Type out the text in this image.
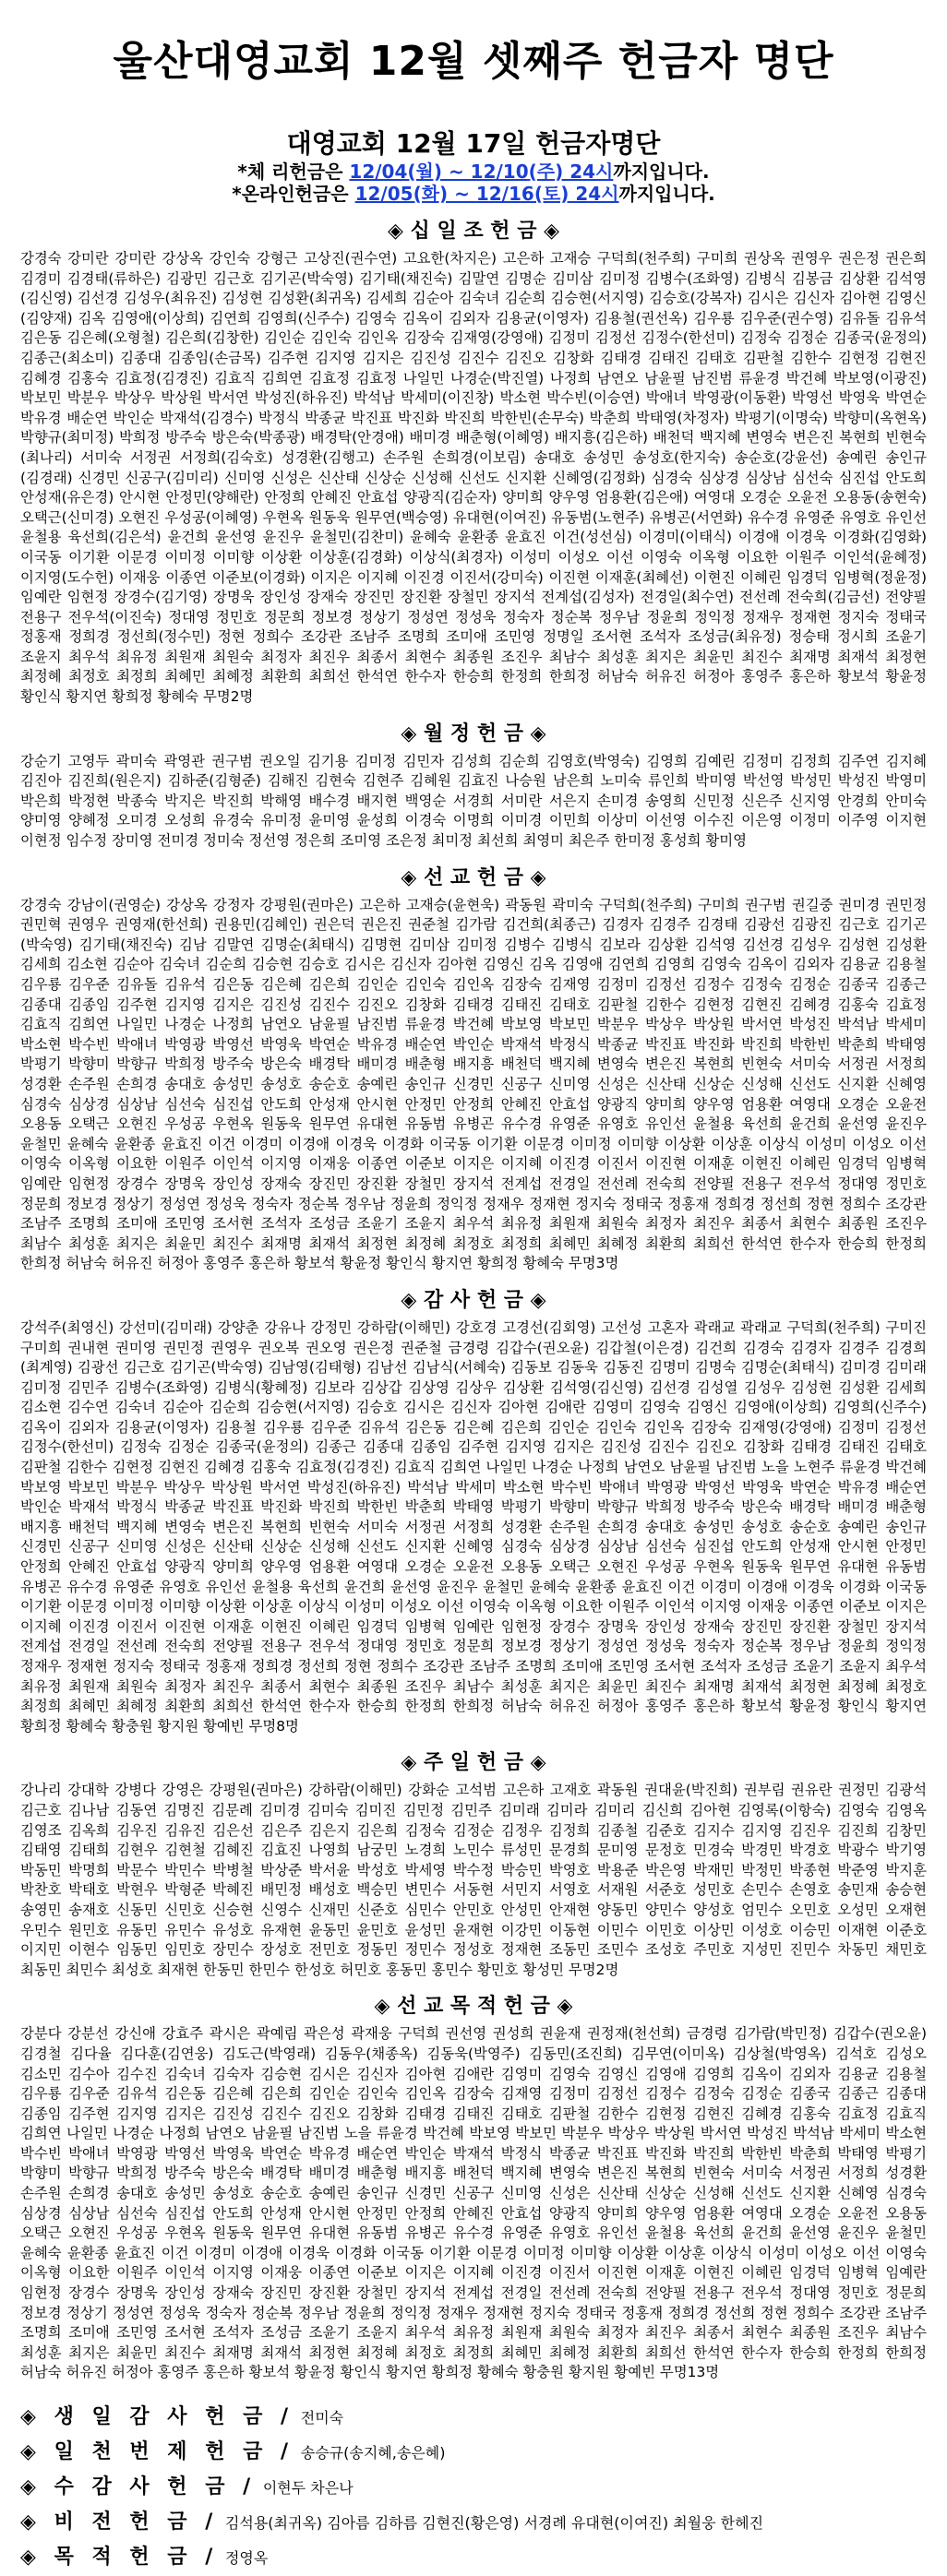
울산대영교회 12월 셋째주 헌금자 명단
대영교회 12월 17일 헌금자명단
*체 리헌금은 12/04(월) ~ 12/10(주) 24시까지입니다.
*온라인헌금은 12/05(화) ~ 12/16(토) 24시까지입니다.
◈ 십 일 조 헌 금 ◈
강경숙 강미란 강미란 강상옥 강인숙 강형근 고상진(권수연) 고요한(차지은) 고은하 고재승 구덕희(천주희) 구미희 권상옥 권영우 권은정 권은희 김경미 김경태(류하은) 김광민 김근호 김기곤(박숙영) 김기태(채진숙) 김말연 김명순 김미삼 김미정 김병수(조화영) 김병식 김봉금 김상환 김석영(김신영) 김선경 김성우(최유진) 김성현 김성환(최귀옥) 김세희 김순아 김숙녀 김순희 김승현(서지영) 김승호(강복자) 김시은 김신자 김아현 김영신(김양재) 김옥 김영애(이상희) 김연희 김영희(신주수) 김영숙 김옥이 김외자 김용균(이영자) 김용철(권선옥) 김우룡 김우준(권수영) 김유돌 김유석 김은동 김은혜(오형철) 김은희(김창한) 김인순 김인숙 김인옥 김장숙 김재영(강영애) 김정미 김정선 김정수(한선미) 김정숙 김정순 김종국(윤정의) 김종근(최소미) 김종대 김종임(손금목) 김주현 김지영 김지은 김진성 김진수 김진오 김창화 김태경 김태진 김태호 김판철 김한수 김현정 김현진 김혜경 김홍숙 김효정(김경진) 김효직 김희연 김효정 김효정 나일민 나경순(박진열) 나정희 남연오 남윤필 남진범 류윤경 박건혜 박보영(이광진) 박보민 박분우 박상우 박상원 박서연 박성진(하유진) 박석남 박세미(이진창) 박소현 박수빈(이승연) 박애녀 박영광(이동환) 박영선 박영욱 박연순 박유경 배순연 박인순 박재석(김경수) 박정식 박종균 박진표 박진화 박진희 박한빈(손무숙) 박춘희 박태영(차정자) 박평기(이명숙) 박향미(옥현옥) 박향규(최미정) 박희정 방주숙 방은숙(박종광) 배경탁(안경애) 배미경 배춘형(이혜영) 배지흥(김은하) 배천덕 백지혜 변영숙 변은진 복현희 빈현숙(최나리) 서미숙 서정권 서정희(김숙호) 성경환(김행고) 손주원 손희경(이보림) 송대호 송성민 송성호(한지숙) 송순호(강윤선) 송예린 송인규(김경래) 신경민 신공구(김미리) 신미영 신성은 신산태 신상순 신성해 신선도 신지환 신혜영(김정화) 심경숙 심상경 심상남 심선숙 심진섭 안도희 안성재(유은경) 안시현 안정민(양해란) 안정희 안혜진 안효섭 양광직(김순자) 양미희 양우영 엄용환(김은애) 여영대 오경순 오윤전 오용동(송현숙) 오택근(신미경) 오현진 우성공(이혜영) 우현옥 원동욱 원무연(백승영) 유대현(이여진) 유동범(노현주) 유병곤(서연화) 유수경 유영준 유영호 유인선 윤철용 육선희(김은석) 윤건희 윤선영 윤진우 윤철민(김찬미) 윤혜숙 윤환종 윤효진 이건(성선심) 이경미(이태식) 이경애 이경욱 이경화(김영화) 이국동 이기환 이문경 이미정 이미향 이상환 이상훈(김경화) 이상식(최경자) 이성미 이성오 이선 이영숙 이옥형 이요한 이원주 이인석(윤혜정) 이지영(도수헌) 이재웅 이종연 이준보(이경화) 이지은 이지혜 이진경 이진서(강미숙) 이진현 이재훈(최혜선) 이현진 이혜린 임경덕 임병혁(정윤정) 임예란 임현정 장경수(김기영) 장명욱 장인성 장재숙 장진민 장진환 장철민 장지석 전계섭(김성자) 전경일(최수연) 전선례 전숙희(김금선) 전양필 전용구 전우석(이진숙) 정대영 정민호 정문희 정보경 정상기 정성연 정성욱 정숙자 정순복 정우남 정윤희 정익정 정재우 정재현 정지숙 정태국 정홍재 정희경 정선희(정수민) 정현 정희수 조강관 조남주 조명희 조미애 조민영 정명일 조서현 조석자 조성금(최유정) 정승태 정시희 조윤기 조윤지 최우석 최유정 최원재 최원숙 최정자 최진우 최종서 최현수 최종원 조진우 최남수 최성훈 최지은 최윤민 최진수 최재명 최재석 최정현 최정혜 최정호 최정희 최혜민 최혜정 최환희 최희선 한석연 한수자 한승희 한정희 한희정 허남숙 허유진 허정아 홍영주 홍은하 황보석 황윤정 황인식 황지연 황희정 황혜숙 무명2명
◈ 월 정 헌 금 ◈
강순기 고영두 곽미숙 곽영관 권구범 권오일 김기용 김미정 김민자 김성희 김순희 김영호(박영숙) 김영희 김예린 김정미 김정희 김주연 김지혜 김진아 김진희(원은지) 김하준(김형준) 김해진 김현숙 김현주 김혜원 김효진 나승원 남은희 노미숙 류인희 박미영 박선영 박성민 박성진 박영미 박은희 박정현 박종숙 박지은 박진희 박해영 배수경 배지현 백영순 서경희 서미란 서은지 손미경 송영희 신민정 신은주 신지영 안경희 안미숙 양미영 양혜정 오미경 오성희 유경숙 유미정 윤미영 윤성희 이경숙 이명희 이미경 이민희 이상미 이선영 이수진 이은영 이정미 이주영 이지현 이현정 임수정 장미영 전미경 정미숙 정선영 정은희 조미영 조은정 최미정 최선희 최영미 최은주 한미정 홍성희 황미영
◈ 선 교 헌 금 ◈
강경숙 강남이(권영순) 강상옥 강정자 강평원(권마은) 고은하 고재승(윤현욱) 곽동원 곽미숙 구덕희(천주희) 구미희 권구범 권길중 권미경 권민정 권민혁 권영우 권영재(한선희) 권용민(김혜인) 권은덕 권은진 권준철 김가람 김건희(최종근) 김경자 김경주 김경태 김광선 김광진 김근호 김기곤(박숙영) 김기태(채진숙) 김남 김말연 김명순(최태식) 김명현 김미삼 김미정 김병수 김병식 김보라 김상환 김석영 김선경 김성우 김성현 김성환 김세희 김소현 김순아 김숙녀 김순희 김승현 김승호 김시은 김신자 김아현 김영신 김옥 김영애 김연희 김영희 김영숙 김옥이 김외자 김용균 김용철 김우룡 김우준 김유돌 김유석 김은동 김은혜 김은희 김인순 김인숙 김인옥 김장숙 김재영 김정미 김정선 김정수 김정숙 김정순 김종국 김종근 김종대 김종임 김주현 김지영 김지은 김진성 김진수 김진오 김창화 김태경 김태진 김태호 김판철 김한수 김현정 김현진 김혜경 김홍숙 김효정 김효직 김희연 나일민 나경순 나정희 남연오 남윤필 남진범 류윤경 박건혜 박보영 박보민 박분우 박상우 박상원 박서연 박성진 박석남 박세미 박소현 박수빈 박애녀 박영광 박영선 박영욱 박연순 박유경 배순연 박인순 박재석 박정식 박종균 박진표 박진화 박진희 박한빈 박춘희 박태영 박평기 박향미 박향규 박희정 방주숙 방은숙 배경탁 배미경 배춘형 배지흥 배천덕 백지혜 변영숙 변은진 복현희 빈현숙 서미숙 서정권 서정희 성경환 손주원 손희경 송대호 송성민 송성호 송순호 송예린 송인규 신경민 신공구 신미영 신성은 신산태 신상순 신성해 신선도 신지환 신혜영 심경숙 심상경 심상남 심선숙 심진섭 안도희 안성재 안시현 안정민 안정희 안혜진 안효섭 양광직 양미희 양우영 엄용환 여영대 오경순 오윤전 오용동 오택근 오현진 우성공 우현옥 원동욱 원무연 유대현 유동범 유병곤 유수경 유영준 유영호 유인선 윤철용 육선희 윤건희 윤선영 윤진우 윤철민 윤혜숙 윤환종 윤효진 이건 이경미 이경애 이경욱 이경화 이국동 이기환 이문경 이미정 이미향 이상환 이상훈 이상식 이성미 이성오 이선 이영숙 이옥형 이요한 이원주 이인석 이지영 이재웅 이종연 이준보 이지은 이지혜 이진경 이진서 이진현 이재훈 이현진 이혜린 임경덕 임병혁 임예란 임현정 장경수 장명욱 장인성 장재숙 장진민 장진환 장철민 장지석 전계섭 전경일 전선례 전숙희 전양필 전용구 전우석 정대영 정민호 정문희 정보경 정상기 정성연 정성욱 정숙자 정순복 정우남 정윤희 정익정 정재우 정재현 정지숙 정태국 정홍재 정희경 정선희 정현 정희수 조강관 조남주 조명희 조미애 조민영 조서현 조석자 조성금 조윤기 조윤지 최우석 최유정 최원재 최원숙 최정자 최진우 최종서 최현수 최종원 조진우 최남수 최성훈 최지은 최윤민 최진수 최재명 최재석 최정현 최정혜 최정호 최정희 최혜민 최혜정 최환희 최희선 한석연 한수자 한승희 한정희 한희정 허남숙 허유진 허정아 홍영주 홍은하 황보석 황윤정 황인식 황지연 황희정 황혜숙 무명3명
◈ 감 사 헌 금 ◈
강석주(최영신) 강선미(김미래) 강양춘 강유나 강정민 강하람(이해민) 강호경 고경선(김회영) 고선성 고혼자 곽래교 곽래교 구덕희(천주희) 구미진 구미희 권내현 권미영 권민정 권영우 권오복 권오영 권은정 권준철 금경령 김갑수(권오윤) 김갑철(이은경) 김건희 김경숙 김경자 김경주 김경희(최계영) 김광선 김근호 김기곤(박숙영) 김남영(김태형) 김남선 김남식(서혜숙) 김동보 김동욱 김동진 김명미 김명숙 김명순(최태식) 김미경 김미래 김미정 김민주 김병수(조화영) 김병식(황혜정) 김보라 김상갑 김상영 김상우 김상환 김석영(김신영) 김선경 김성열 김성우 김성현 김성환 김세희 김소현 김수연 김숙녀 김순아 김순희 김승현(서지영) 김승호 김시은 김신자 김아현 김애란 김영미 김영숙 김영신 김영애(이상희) 김영희(신주수) 김옥이 김외자 김용균(이영자) 김용철 김우룡 김우준 김유석 김은동 김은혜 김은희 김인순 김인숙 김인옥 김장숙 김재영(강영애) 김정미 김정선 김정수(한선미) 김정숙 김정순 김종국(윤정의) 김종근 김종대 김종임 김주현 김지영 김지은 김진성 김진수 김진오 김창화 김태경 김태진 김태호 김판철 김한수 김현정 김현진 김혜경 김홍숙 김효정(김경진) 김효직 김희연 나일민 나경순 나정희 남연오 남윤필 남진범 노을 노현주 류윤경 박건혜 박보영 박보민 박분우 박상우 박상원 박서연 박성진(하유진) 박석남 박세미 박소현 박수빈 박애녀 박영광 박영선 박영욱 박연순 박유경 배순연 박인순 박재석 박정식 박종균 박진표 박진화 박진희 박한빈 박춘희 박태영 박평기 박향미 박향규 박희정 방주숙 방은숙 배경탁 배미경 배춘형 배지흥 배천덕 백지혜 변영숙 변은진 복현희 빈현숙 서미숙 서정권 서정희 성경환 손주원 손희경 송대호 송성민 송성호 송순호 송예린 송인규 신경민 신공구 신미영 신성은 신산태 신상순 신성해 신선도 신지환 신혜영 심경숙 심상경 심상남 심선숙 심진섭 안도희 안성재 안시현 안정민 안정희 안혜진 안효섭 양광직 양미희 양우영 엄용환 여영대 오경순 오윤전 오용동 오택근 오현진 우성공 우현옥 원동욱 원무연 유대현 유동범 유병곤 유수경 유영준 유영호 유인선 윤철용 육선희 윤건희 윤선영 윤진우 윤철민 윤혜숙 윤환종 윤효진 이건 이경미 이경애 이경욱 이경화 이국동 이기환 이문경 이미정 이미향 이상환 이상훈 이상식 이성미 이성오 이선 이영숙 이옥형 이요한 이원주 이인석 이지영 이재웅 이종연 이준보 이지은 이지혜 이진경 이진서 이진현 이재훈 이현진 이혜린 임경덕 임병혁 임예란 임현정 장경수 장명욱 장인성 장재숙 장진민 장진환 장철민 장지석 전계섭 전경일 전선례 전숙희 전양필 전용구 전우석 정대영 정민호 정문희 정보경 정상기 정성연 정성욱 정숙자 정순복 정우남 정윤희 정익정 정재우 정재현 정지숙 정태국 정홍재 정희경 정선희 정현 정희수 조강관 조남주 조명희 조미애 조민영 조서현 조석자 조성금 조윤기 조윤지 최우석 최유정 최원재 최원숙 최정자 최진우 최종서 최현수 최종원 조진우 최남수 최성훈 최지은 최윤민 최진수 최재명 최재석 최정현 최정혜 최정호 최정희 최혜민 최혜정 최환희 최희선 한석연 한수자 한승희 한정희 한희정 허남숙 허유진 허정아 홍영주 홍은하 황보석 황윤정 황인식 황지연 황희정 황혜숙 황충원 황지원 황예빈 무명8명
◈ 주 일 헌 금 ◈
강나리 강대학 강병다 강영은 강평원(권마은) 강하람(이해민) 강화순 고석범 고은하 고재호 곽동원 권대윤(박진희) 권부림 권유란 권정민 김광석 김근호 김나남 김동연 김명진 김문례 김미경 김미숙 김미진 김민정 김민주 김미래 김미라 김미리 김신희 김아현 김영록(이항숙) 김영숙 김영옥 김영조 김옥희 김우진 김유진 김은선 김은주 김은지 김은희 김정숙 김정순 김정우 김정희 김종철 김준호 김지수 김지영 김진우 김진희 김창민 김태영 김태희 김현우 김현철 김혜진 김효진 나영희 남궁민 노경희 노민수 류성민 문경희 문미영 문정호 민경숙 박경민 박경호 박광수 박기영 박동민 박명희 박문수 박민수 박병철 박상준 박서윤 박성호 박세영 박수정 박승민 박영호 박용준 박은영 박재민 박정민 박종현 박준영 박지훈 박찬호 박태호 박현우 박형준 박혜진 배민정 배성호 백승민 변민수 서동현 서민지 서영호 서재원 서준호 성민호 손민수 손영호 송민재 송승현 송영민 송재호 신동민 신민호 신승현 신영수 신재민 신준호 심민수 안민호 안성민 안재현 양동민 양민수 양성호 엄민수 오민호 오성민 오재현 우민수 원민호 유동민 유민수 유성호 유재현 윤동민 윤민호 윤성민 윤재현 이강민 이동현 이민수 이민호 이상민 이성호 이승민 이재현 이준호 이지민 이현수 임동민 임민호 장민수 장성호 전민호 정동민 정민수 정성호 정재현 조동민 조민수 조성호 주민호 지성민 진민수 차동민 채민호 최동민 최민수 최성호 최재현 한동민 한민수 한성호 허민호 홍동민 홍민수 황민호 황성민 무명2명
◈ 선 교 목 적 헌 금 ◈
강분다 강분선 강신애 강효주 곽시은 곽예림 곽은성 곽재웅 구덕희 권선영 권성희 권윤재 권정재(천선희) 금경령 김가람(박민정) 김갑수(권오윤) 김경철 김다율 김다훈(김연웅) 김도근(박영래) 김동우(채종옥) 김동욱(박영주) 김동민(조진희) 김무연(이미옥) 김상철(박영옥) 김석호 김성오 김소민 김수아 김수진 김숙녀 김숙자 김승현 김시은 김신자 김아현 김애란 김영미 김영숙 김영신 김영애 김영희 김옥이 김외자 김용균 김용철 김우룡 김우준 김유석 김은동 김은혜 김은희 김인순 김인숙 김인옥 김장숙 김재영 김정미 김정선 김정수 김정숙 김정순 김종국 김종근 김종대 김종임 김주현 김지영 김지은 김진성 김진수 김진오 김창화 김태경 김태진 김태호 김판철 김한수 김현정 김현진 김혜경 김홍숙 김효정 김효직 김희연 나일민 나경순 나정희 남연오 남윤필 남진범 노을 류윤경 박건혜 박보영 박보민 박분우 박상우 박상원 박서연 박성진 박석남 박세미 박소현 박수빈 박애녀 박영광 박영선 박영욱 박연순 박유경 배순연 박인순 박재석 박정식 박종균 박진표 박진화 박진희 박한빈 박춘희 박태영 박평기 박향미 박향규 박희정 방주숙 방은숙 배경탁 배미경 배춘형 배지흥 배천덕 백지혜 변영숙 변은진 복현희 빈현숙 서미숙 서정권 서정희 성경환 손주원 손희경 송대호 송성민 송성호 송순호 송예린 송인규 신경민 신공구 신미영 신성은 신산태 신상순 신성해 신선도 신지환 신혜영 심경숙 심상경 심상남 심선숙 심진섭 안도희 안성재 안시현 안정민 안정희 안혜진 안효섭 양광직 양미희 양우영 엄용환 여영대 오경순 오윤전 오용동 오택근 오현진 우성공 우현옥 원동욱 원무연 유대현 유동범 유병곤 유수경 유영준 유영호 유인선 윤철용 육선희 윤건희 윤선영 윤진우 윤철민 윤혜숙 윤환종 윤효진 이건 이경미 이경애 이경욱 이경화 이국동 이기환 이문경 이미정 이미향 이상환 이상훈 이상식 이성미 이성오 이선 이영숙 이옥형 이요한 이원주 이인석 이지영 이재웅 이종연 이준보 이지은 이지혜 이진경 이진서 이진현 이재훈 이현진 이혜린 임경덕 임병혁 임예란 임현정 장경수 장명욱 장인성 장재숙 장진민 장진환 장철민 장지석 전계섭 전경일 전선례 전숙희 전양필 전용구 전우석 정대영 정민호 정문희 정보경 정상기 정성연 정성욱 정숙자 정순복 정우남 정윤희 정익정 정재우 정재현 정지숙 정태국 정홍재 정희경 정선희 정현 정희수 조강관 조남주 조명희 조미애 조민영 조서현 조석자 조성금 조윤기 조윤지 최우석 최유정 최원재 최원숙 최정자 최진우 최종서 최현수 최종원 조진우 최남수 최성훈 최지은 최윤민 최진수 최재명 최재석 최정현 최정혜 최정호 최정희 최혜민 최혜정 최환희 최희선 한석연 한수자 한승희 한정희 한희정 허남숙 허유진 허정아 홍영주 홍은하 황보석 황윤정 황인식 황지연 황희정 황혜숙 황충원 황지원 황예빈 무명13명
◈ 생 일 감 사 헌 금 / 전미숙
◈ 일 천 번 제 헌 금 / 송승규(송지혜,송은혜)
◈ 수 감 사 헌 금 / 이현두 차은나
◈ 비 전 헌 금 / 김석용(최귀옥) 김아름 김하름 김현진(황은영) 서경례 유대현(이여진) 최월웅 한헤진
◈ 목 적 헌 금 / 정영옥
